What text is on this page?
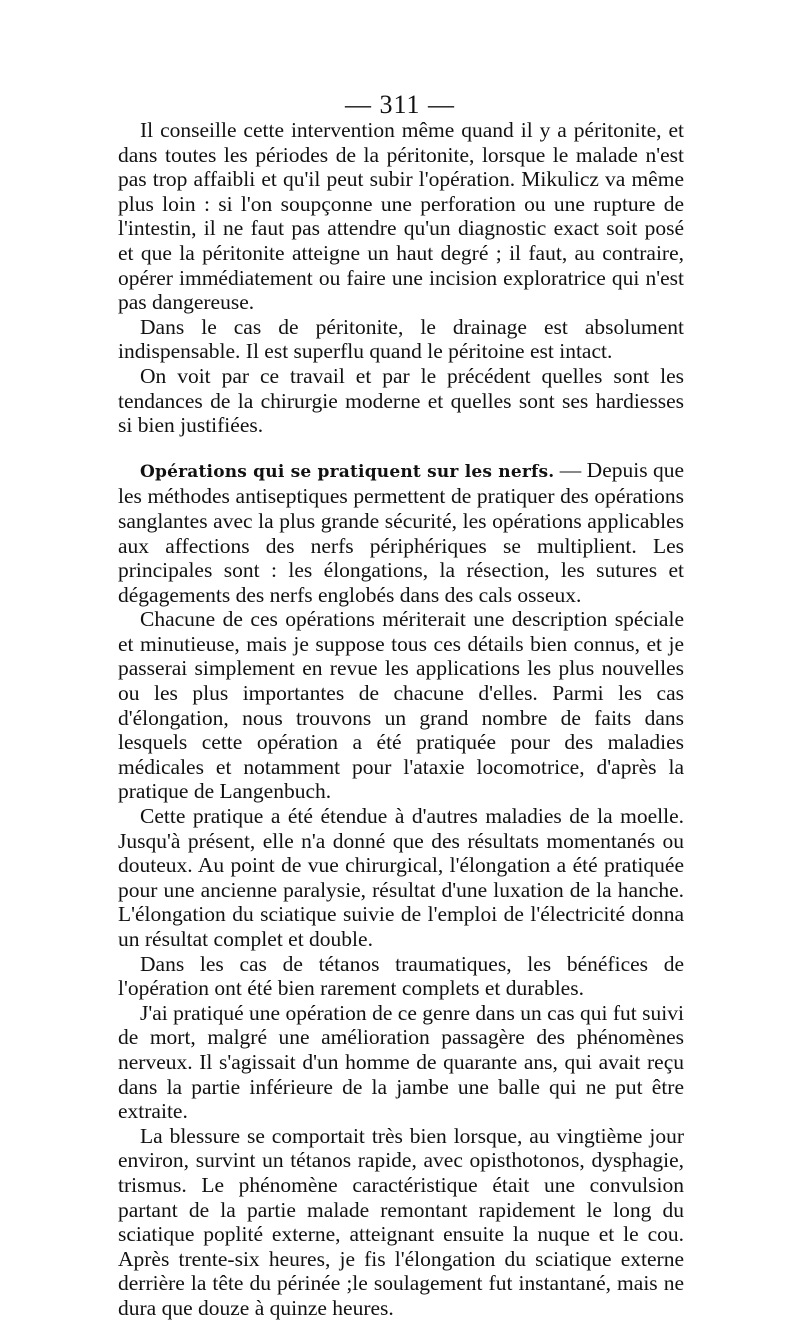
— 311 —

Il conseille cette intervention même quand il y a péritonite, et dans toutes les périodes de la péritonite, lorsque le malade n'est pas trop affaibli et qu'il peut subir l'opération. Mikulicz va même plus loin : si l'on soupçonne une perforation ou une rupture de l'intestin, il ne faut pas attendre qu'un diagnostic exact soit posé et que la péritonite atteigne un haut degré ; il faut, au contraire, opérer immédiatement ou faire une incision exploratrice qui n'est pas dangereuse.

Dans le cas de péritonite, le drainage est absolument indispensable. Il est superflu quand le péritoine est intact.

On voit par ce travail et par le précédent quelles sont les tendances de la chirurgie moderne et quelles sont ses hardiesses si bien justifiées.

Opérations qui se pratiquent sur les nerfs. — Depuis que les méthodes antiseptiques permettent de pratiquer des opérations sanglantes avec la plus grande sécurité, les opérations applicables aux affections des nerfs périphériques se multiplient. Les principales sont : les élongations, la résection, les sutures et dégagements des nerfs englobés dans des cals osseux.

Chacune de ces opérations mériterait une description spéciale et minutieuse, mais je suppose tous ces détails bien connus, et je passerai simplement en revue les applications les plus nouvelles ou les plus importantes de chacune d'elles. Parmi les cas d'élongation, nous trouvons un grand nombre de faits dans lesquels cette opération a été pratiquée pour des maladies médicales et notamment pour l'ataxie locomotrice, d'après la pratique de Langenbuch.

Cette pratique a été étendue à d'autres maladies de la moelle. Jusqu'à présent, elle n'a donné que des résultats momentanés ou douteux. Au point de vue chirurgical, l'élongation a été pratiquée pour une ancienne paralysie, résultat d'une luxation de la hanche. L'élongation du sciatique suivie de l'emploi de l'électricité donna un résultat complet et double.

Dans les cas de tétanos traumatiques, les bénéfices de l'opération ont été bien rarement complets et durables.

J'ai pratiqué une opération de ce genre dans un cas qui fut suivi de mort, malgré une amélioration passagère des phénomènes nerveux. Il s'agissait d'un homme de quarante ans, qui avait reçu dans la partie inférieure de la jambe une balle qui ne put être extraite.

La blessure se comportait très bien lorsque, au vingtième jour environ, survint un tétanos rapide, avec opisthotonos, dysphagie, trismus. Le phénomène caractéristique était une convulsion partant de la partie malade remontant rapidement le long du sciatique poplité externe, atteignant ensuite la nuque et le cou. Après trente-six heures, je fis l'élongation du sciatique externe derrière la tête du périnée ;le soulagement fut instantané, mais ne dura que douze à quinze heures.
